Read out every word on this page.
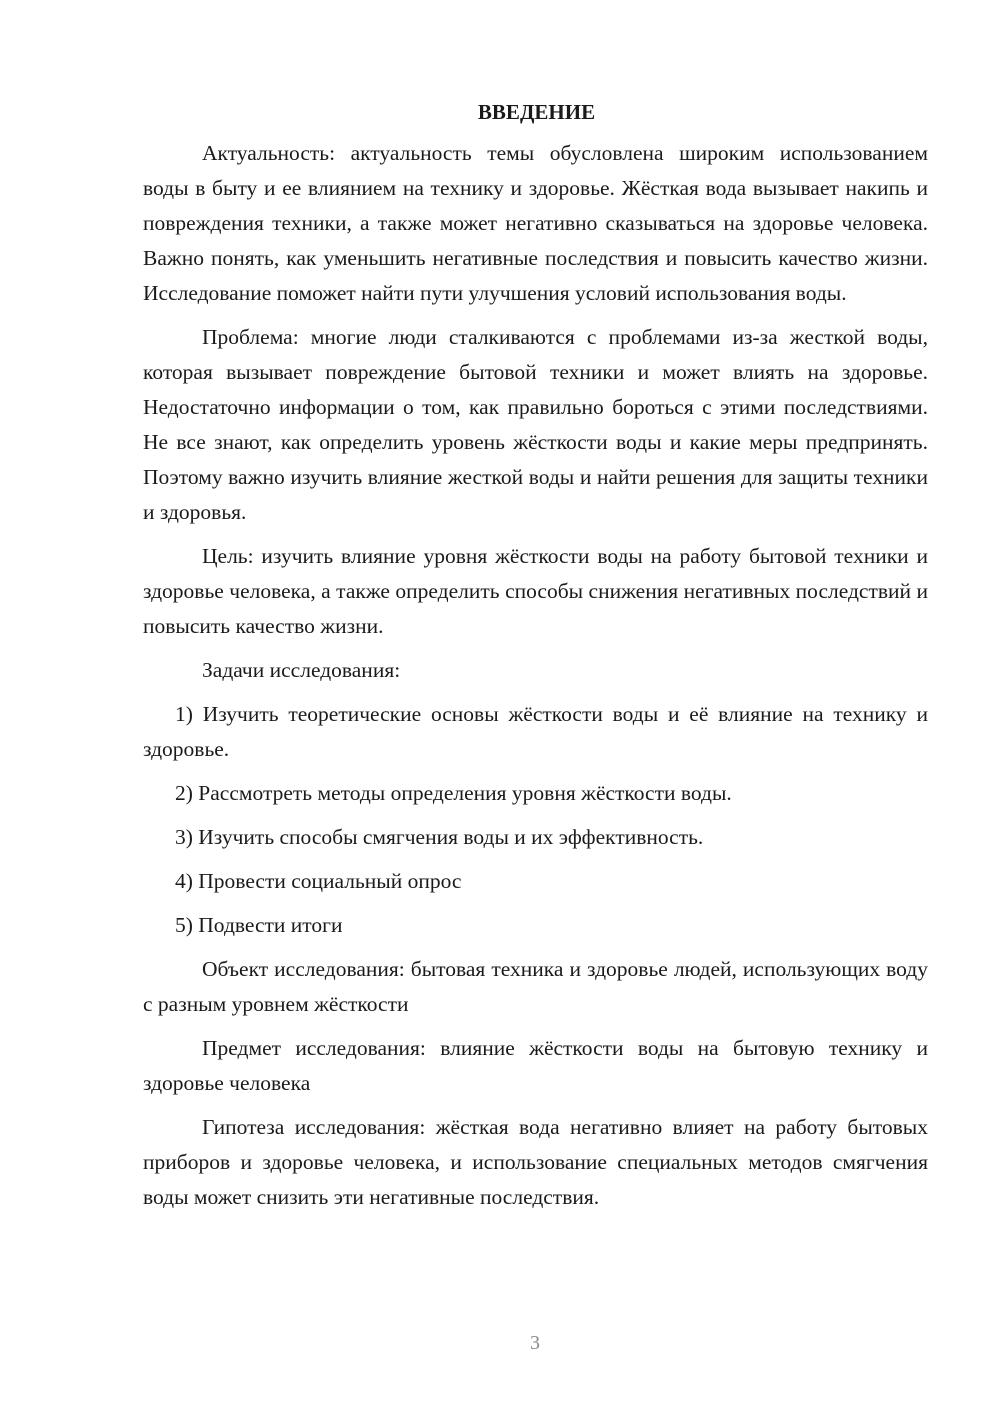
ВВЕДЕНИЕ

Актуальность: актуальность темы обусловлена широким использованием воды в быту и ее влиянием на технику и здоровье. Жёсткая вода вызывает накипь и повреждения техники, а также может негативно сказываться на здоровье человека. Важно понять, как уменьшить негативные последствия и повысить качество жизни. Исследование поможет найти пути улучшения условий использования воды.

Проблема: многие люди сталкиваются с проблемами из-за жесткой воды, которая вызывает повреждение бытовой техники и может влиять на здоровье. Недостаточно информации о том, как правильно бороться с этими последствиями. Не все знают, как определить уровень жёсткости воды и какие меры предпринять. Поэтому важно изучить влияние жесткой воды и найти решения для защиты техники и здоровья.

Цель: изучить влияние уровня жёсткости воды на работу бытовой техники и здоровье человека, а также определить способы снижения негативных последствий и повысить качество жизни.

Задачи исследования:

1) Изучить теоретические основы жёсткости воды и её влияние на технику и здоровье.

2) Рассмотреть методы определения уровня жёсткости воды.

3) Изучить способы смягчения воды и их эффективность.

4) Провести социальный опрос

5) Подвести итоги

Объект исследования: бытовая техника и здоровье людей, использующих воду с разным уровнем жёсткости

Предмет исследования: влияние жёсткости воды на бытовую технику и здоровье человека

Гипотеза исследования: жёсткая вода негативно влияет на работу бытовых приборов и здоровье человека, и использование специальных методов смягчения воды может снизить эти негативные последствия.

3
